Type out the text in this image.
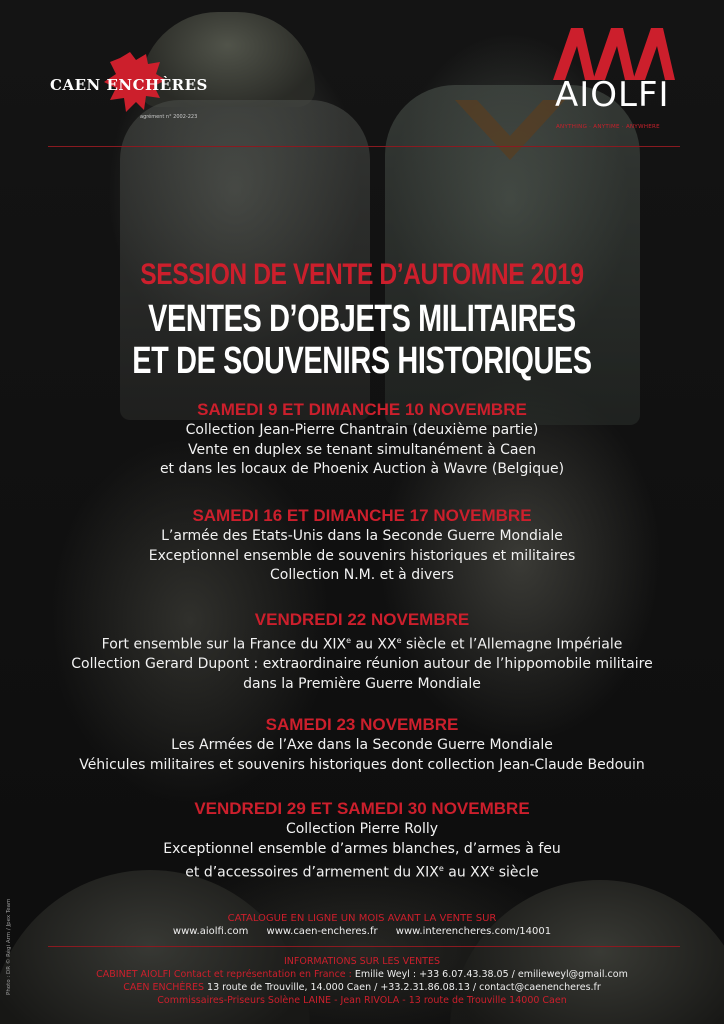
CAEN ENCHÈRES
agrément n° 2002-223
AIOLFI
ANYTHING · ANYTIME · ANYWHERE
SESSION DE VENTE D’AUTOMNE 2019
VENTES D’OBJETS MILITAIRES
ET DE SOUVENIRS HISTORIQUES
SAMEDI 9 ET DIMANCHE 10 NOVEMBRE
Collection Jean-Pierre Chantrain (deuxième partie)
Vente en duplex se tenant simultanément à Caen
et dans les locaux de Phoenix Auction à Wavre (Belgique)
SAMEDI 16 ET DIMANCHE 17 NOVEMBRE
L’armée des Etats-Unis dans la Seconde Guerre Mondiale
Exceptionnel ensemble de souvenirs historiques et militaires
Collection N.M. et à divers
VENDREDI 22 NOVEMBRE
Fort ensemble sur la France du XIXe au XXe siècle et l’Allemagne Impériale
Collection Gerard Dupont : extraordinaire réunion autour de l’hippomobile militaire
dans la Première Guerre Mondiale
SAMEDI 23 NOVEMBRE
Les Armées de l’Axe dans la Seconde Guerre Mondiale
Véhicules militaires et souvenirs historiques dont collection Jean-Claude Bedouin
VENDREDI 29 ET SAMEDI 30 NOVEMBRE
Collection Pierre Rolly
Exceptionnel ensemble d’armes blanches, d’armes à feu
et d’accessoires d’armement du XIXe au XXe siècle
CATALOGUE EN LIGNE UN MOIS AVANT LA VENTE SUR
www.aiolfi.com www.caen-encheres.fr www.interencheres.com/14001
INFORMATIONS SUR LES VENTES
CABINET AIOLFI Contact et représentation en France : Emilie Weyl : +33 6.07.43.38.05 / emilieweyl@gmail.com
CAEN ENCHÈRES 13 route de Trouville, 14.000 Caen / +33.2.31.86.08.13 / contact@caenencheres.fr
Commissaires-Priseurs Solène LAINE - Jean RIVOLA - 13 route de Trouville 14000 Caen
Photo : DR © Régi Arm / Jpex Team
